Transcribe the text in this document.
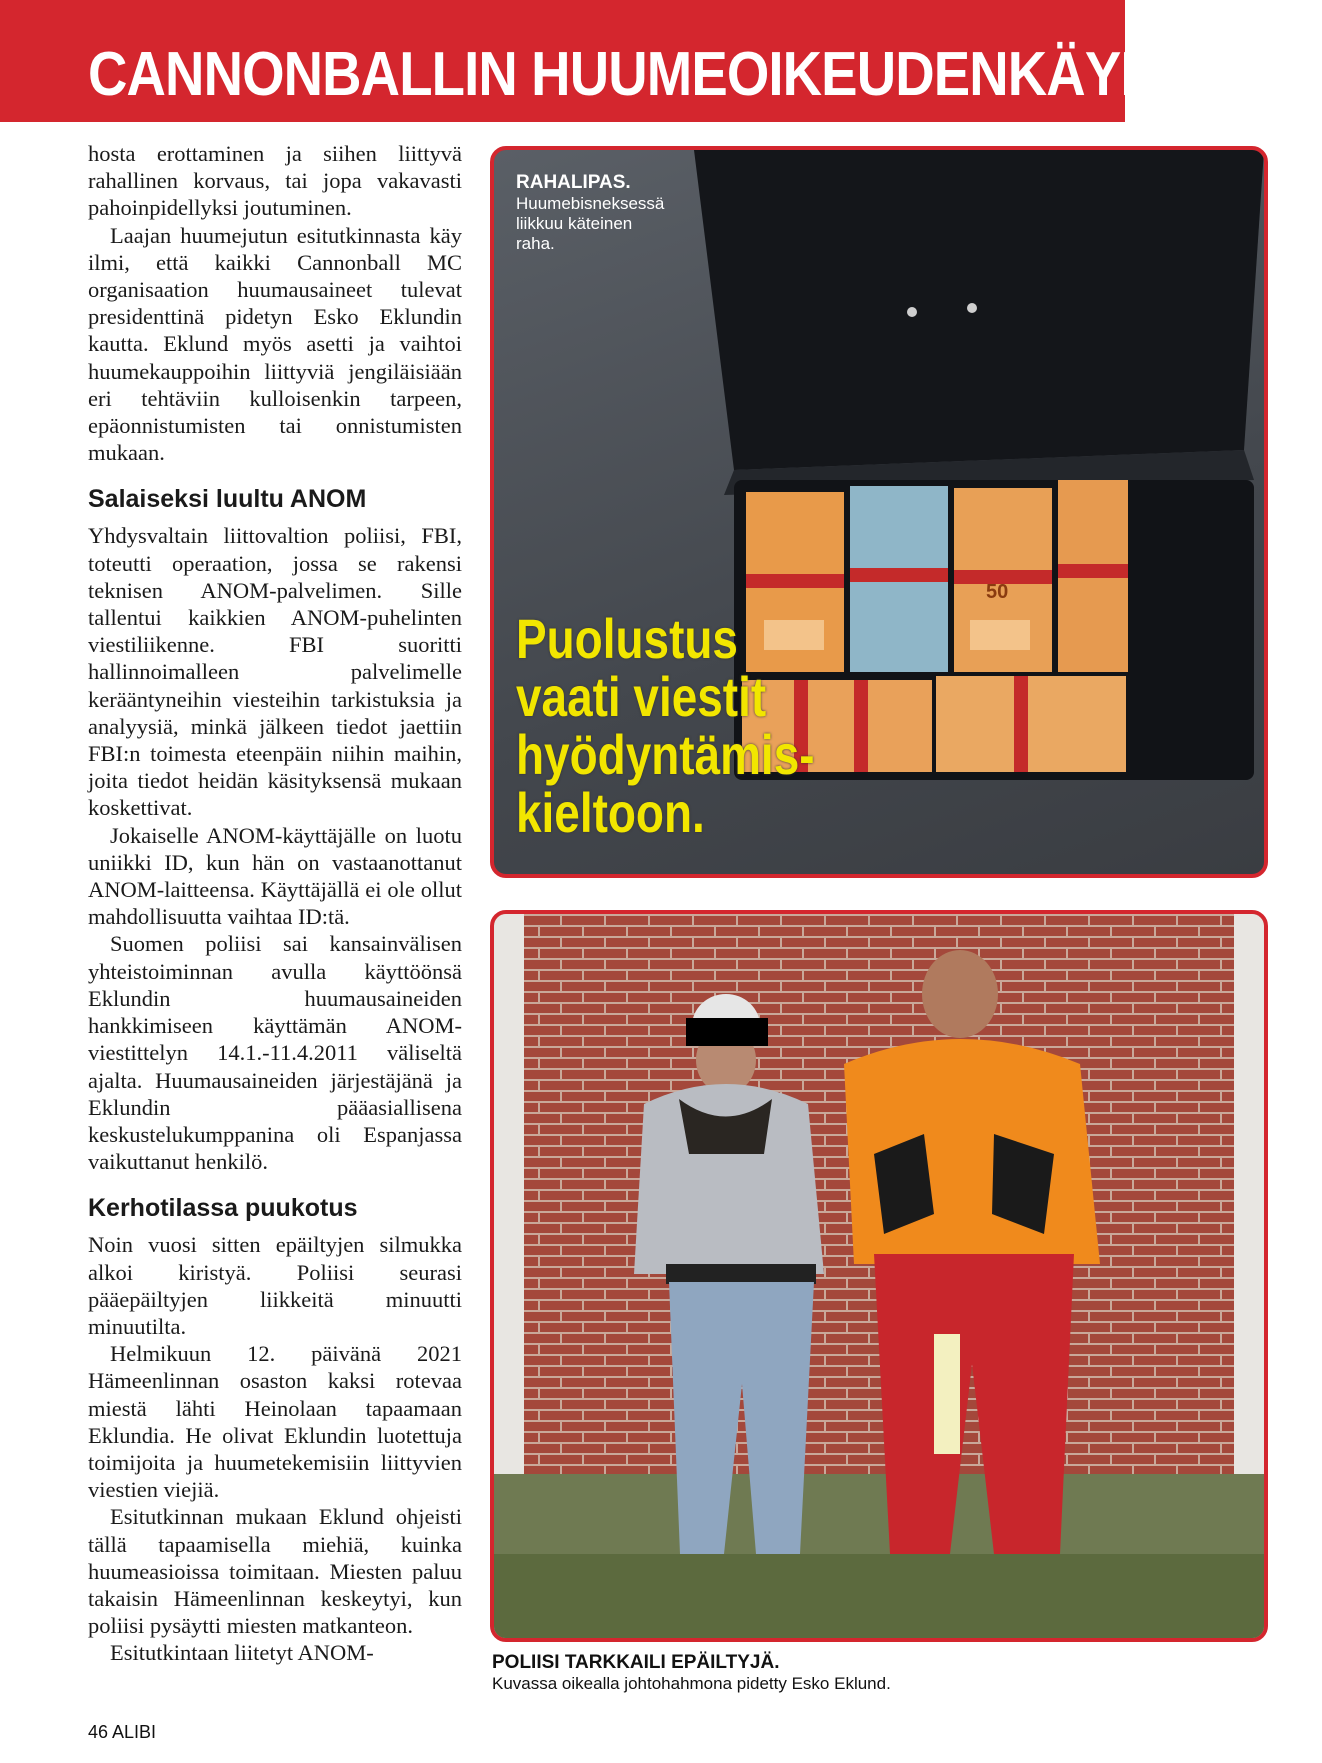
CANNONBALLIN HUUMEOIKEUDENKÄYNTI

hosta erottaminen ja siihen liittyvä rahallinen korvaus, tai jopa vakavasti pahoinpidellyksi joutuminen.

Laajan huumejutun esitutkinnasta käy ilmi, että kaikki Cannonball MC organisaation huumausaineet tulevat presidenttinä pidetyn Esko Eklundin kautta. Eklund myös asetti ja vaihtoi huumekauppoihin liittyviä jengiläisiään eri tehtäviin kulloisenkin tarpeen, epäonnistumisten tai onnistumisten mukaan.

Salaiseksi luultu ANOM

Yhdysvaltain liittovaltion poliisi, FBI, toteutti operaation, jossa se rakensi teknisen ANOM-palvelimen. Sille tallentui kaikkien ANOM-puhelinten viestiliikenne. FBI suoritti hallinnoimalleen palvelimelle kerääntyneihin viesteihin tarkistuksia ja analyysiä, minkä jälkeen tiedot jaettiin FBI:n toimesta eteenpäin niihin maihin, joita tiedot heidän käsityksensä mukaan koskettivat.

Jokaiselle ANOM-käyttäjälle on luotu uniikki ID, kun hän on vastaanottanut ANOM-laitteensa. Käyttäjällä ei ole ollut mahdollisuutta vaihtaa ID:tä.

Suomen poliisi sai kansainvälisen yhteistoiminnan avulla käyttöönsä Eklundin huumausaineiden hankkimiseen käyttämän ANOM-viestittelyn 14.1.-11.4.2011 väliseltä ajalta. Huumausaineiden järjestäjänä ja Eklundin pääasiallisena keskustelukumppanina oli Espanjassa vaikuttanut henkilö.

Kerhotilassa puukotus

Noin vuosi sitten epäiltyjen silmukka alkoi kiristyä. Poliisi seurasi pääepäiltyjen liikkeitä minuutti minuutilta.

Helmikuun 12. päivänä 2021 Hämeenlinnan osaston kaksi rotevaa miestä lähti Heinolaan tapaamaan Eklundia. He olivat Eklundin luotettuja toimijoita ja huumetekemisiin liittyvien viestien viejiä.

Esitutkinnan mukaan Eklund ohjeisti tällä tapaamisella miehiä, kuinka huumeasioissa toimitaan. Miesten paluu takaisin Hämeenlinnan keskeytyi, kun poliisi pysäytti miesten matkanteon.

Esitutkintaan liitetyt ANOM-

50
RAHALIPAS.
Huumebisneksessä
liikkuu käteinen
raha.
Puolustus
vaati viestit
hyödyntämis-
kieltoon.
POLIISI TARKKAILI EPÄILTYJÄ.
Kuvassa oikealla johtohahmona pidetty Esko Eklund.
46 ALIBI
